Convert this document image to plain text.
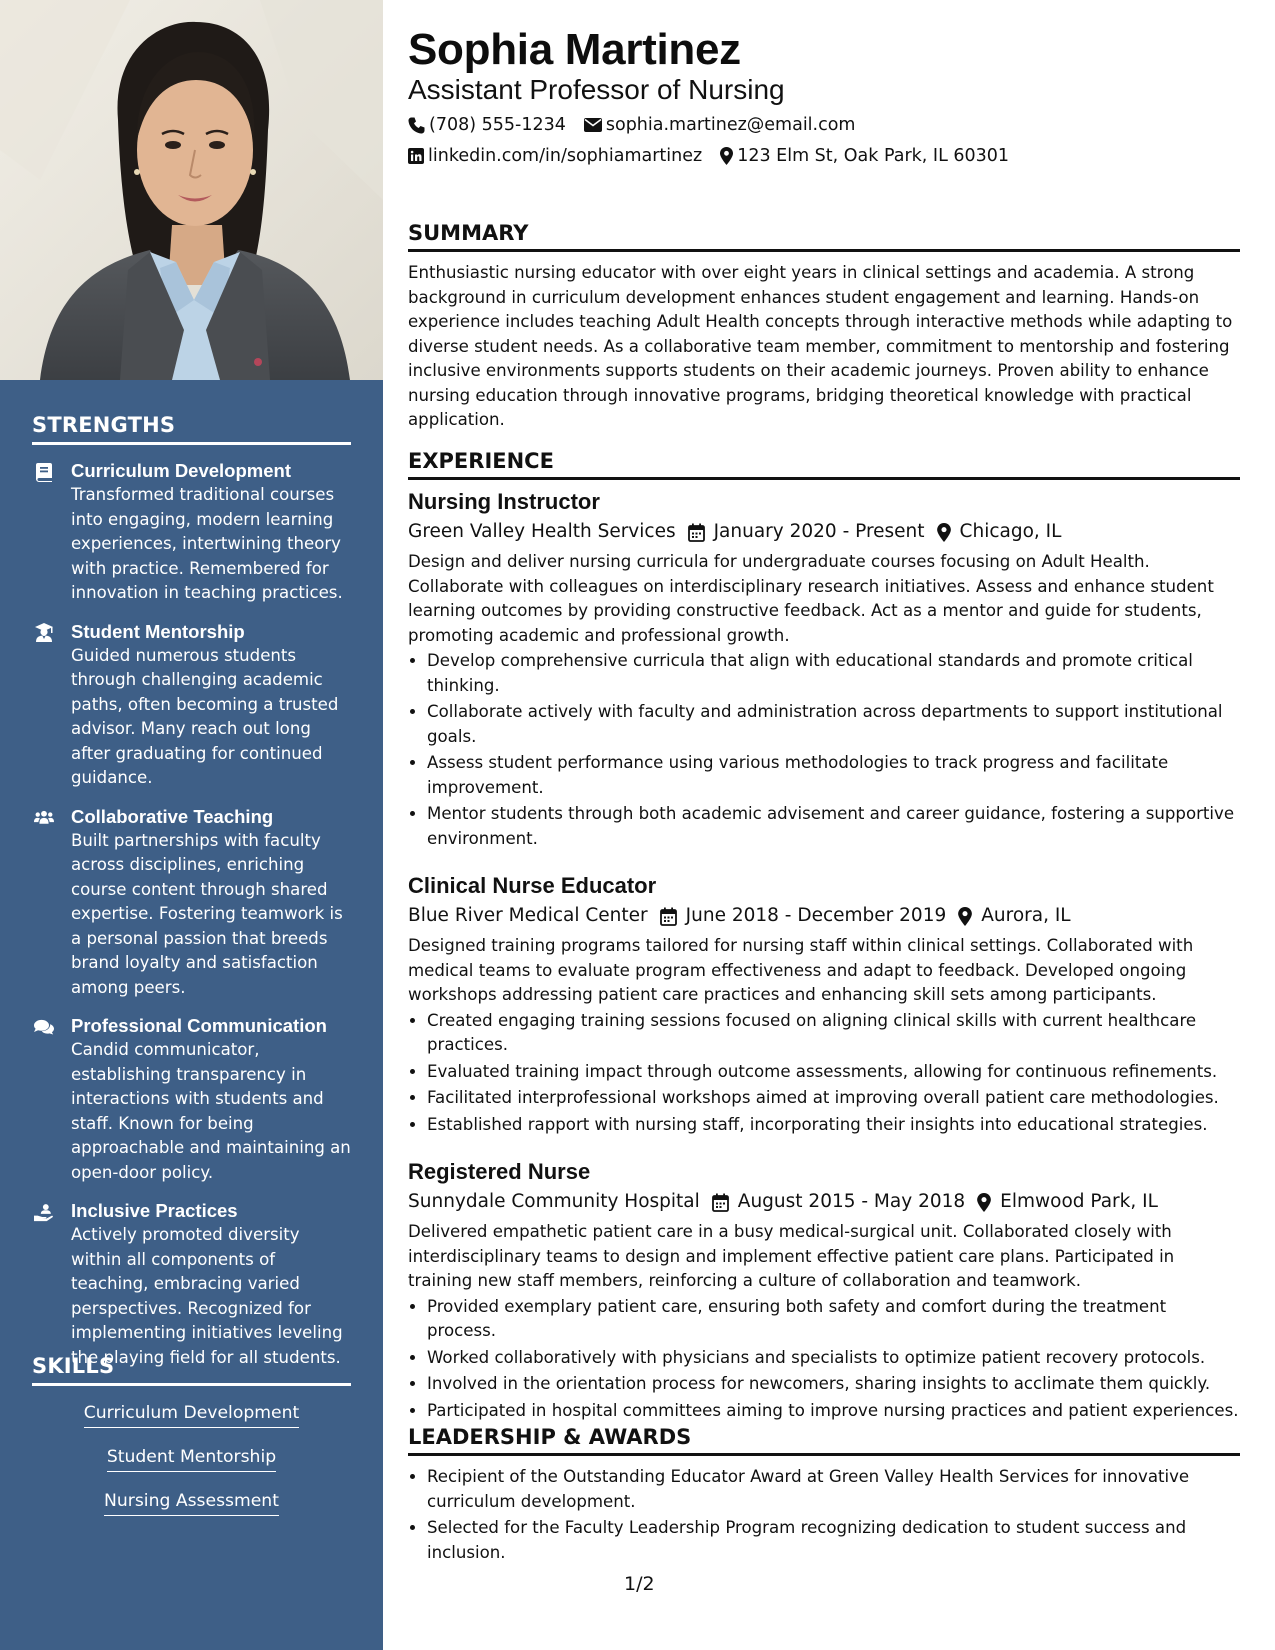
STRENGTHS
Curriculum Development
Transformed traditional courses into engaging, modern learning experiences, intertwining theory with practice. Remembered for innovation in teaching practices.
Student Mentorship
Guided numerous students through challenging academic paths, often becoming a trusted advisor. Many reach out long after graduating for continued guidance.
Collaborative Teaching
Built partnerships with faculty across disciplines, enriching course content through shared expertise. Fostering teamwork is a personal passion that breeds brand loyalty and satisfaction among peers.
Professional Communication
Candid communicator, establishing transparency in interactions with students and staff. Known for being approachable and maintaining an open-door policy.
Inclusive Practices
Actively promoted diversity within all components of teaching, embracing varied perspectives. Recognized for implementing initiatives leveling the playing field for all students.
SKILLS
Curriculum Development
Student Mentorship
Nursing Assessment
Sophia Martinez
Assistant Professor of Nursing
(708) 555-1234 sophia.martinez@email.com
linkedin.com/in/sophiamartinez 123 Elm St, Oak Park, IL 60301
SUMMARY
Enthusiastic nursing educator with over eight years in clinical settings and academia. A strong background in curriculum development enhances student engagement and learning. Hands-on experience includes teaching Adult Health concepts through interactive methods while adapting to diverse student needs. As a collaborative team member, commitment to mentorship and fostering inclusive environments supports students on their academic journeys. Proven ability to enhance nursing education through innovative programs, bridging theoretical knowledge with practical application.
EXPERIENCE
Nursing Instructor
Green Valley Health Services January 2020 - Present Chicago, IL
Design and deliver nursing curricula for undergraduate courses focusing on Adult Health. Collaborate with colleagues on interdisciplinary research initiatives. Assess and enhance student learning outcomes by providing constructive feedback. Act as a mentor and guide for students, promoting academic and professional growth.
• Develop comprehensive curricula that align with educational standards and promote critical thinking.
• Collaborate actively with faculty and administration across departments to support institutional goals.
• Assess student performance using various methodologies to track progress and facilitate improvement.
• Mentor students through both academic advisement and career guidance, fostering a supportive environment.
Clinical Nurse Educator
Blue River Medical Center June 2018 - December 2019 Aurora, IL
Designed training programs tailored for nursing staff within clinical settings. Collaborated with medical teams to evaluate program effectiveness and adapt to feedback. Developed ongoing workshops addressing patient care practices and enhancing skill sets among participants.
• Created engaging training sessions focused on aligning clinical skills with current healthcare practices.
• Evaluated training impact through outcome assessments, allowing for continuous refinements.
• Facilitated interprofessional workshops aimed at improving overall patient care methodologies.
• Established rapport with nursing staff, incorporating their insights into educational strategies.
Registered Nurse
Sunnydale Community Hospital August 2015 - May 2018 Elmwood Park, IL
Delivered empathetic patient care in a busy medical-surgical unit. Collaborated closely with interdisciplinary teams to design and implement effective patient care plans. Participated in training new staff members, reinforcing a culture of collaboration and teamwork.
• Provided exemplary patient care, ensuring both safety and comfort during the treatment process.
• Worked collaboratively with physicians and specialists to optimize patient recovery protocols.
• Involved in the orientation process for newcomers, sharing insights to acclimate them quickly.
• Participated in hospital committees aiming to improve nursing practices and patient experiences.
LEADERSHIP & AWARDS
• Recipient of the Outstanding Educator Award at Green Valley Health Services for innovative curriculum development.
• Selected for the Faculty Leadership Program recognizing dedication to student success and inclusion.
1/2
